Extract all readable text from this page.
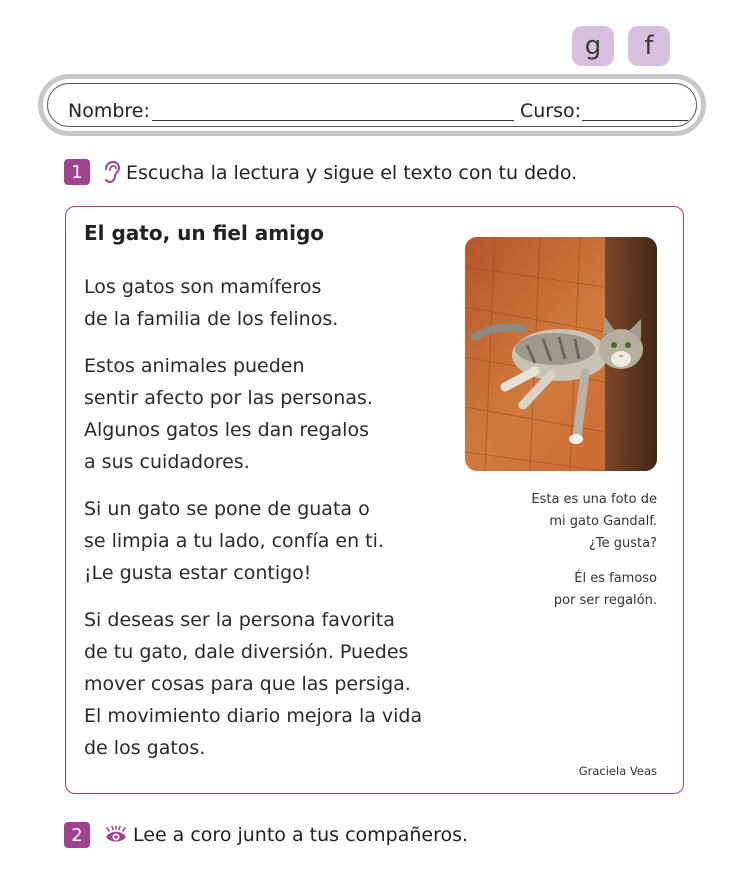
g	f
Nombre:	Curso:
1	Escucha la lectura y sigue el texto con tu dedo.
El gato, un fiel amigo
Los gatos son mamíferos
de la familia de los felinos.
Estos animales pueden
sentir afecto por las personas.
Algunos gatos les dan regalos
a sus cuidadores.
Si un gato se pone de guata o
se limpia a tu lado, confía en ti.
¡Le gusta estar contigo!
Si deseas ser la persona favorita
de tu gato, dale diversión. Puedes
mover cosas para que las persiga.
El movimiento diario mejora la vida
de los gatos.
Esta es una foto de
mi gato Gandalf.
¿Te gusta?
Él es famoso
por ser regalón.
Graciela Veas
2	Lee a coro junto a tus compañeros.
